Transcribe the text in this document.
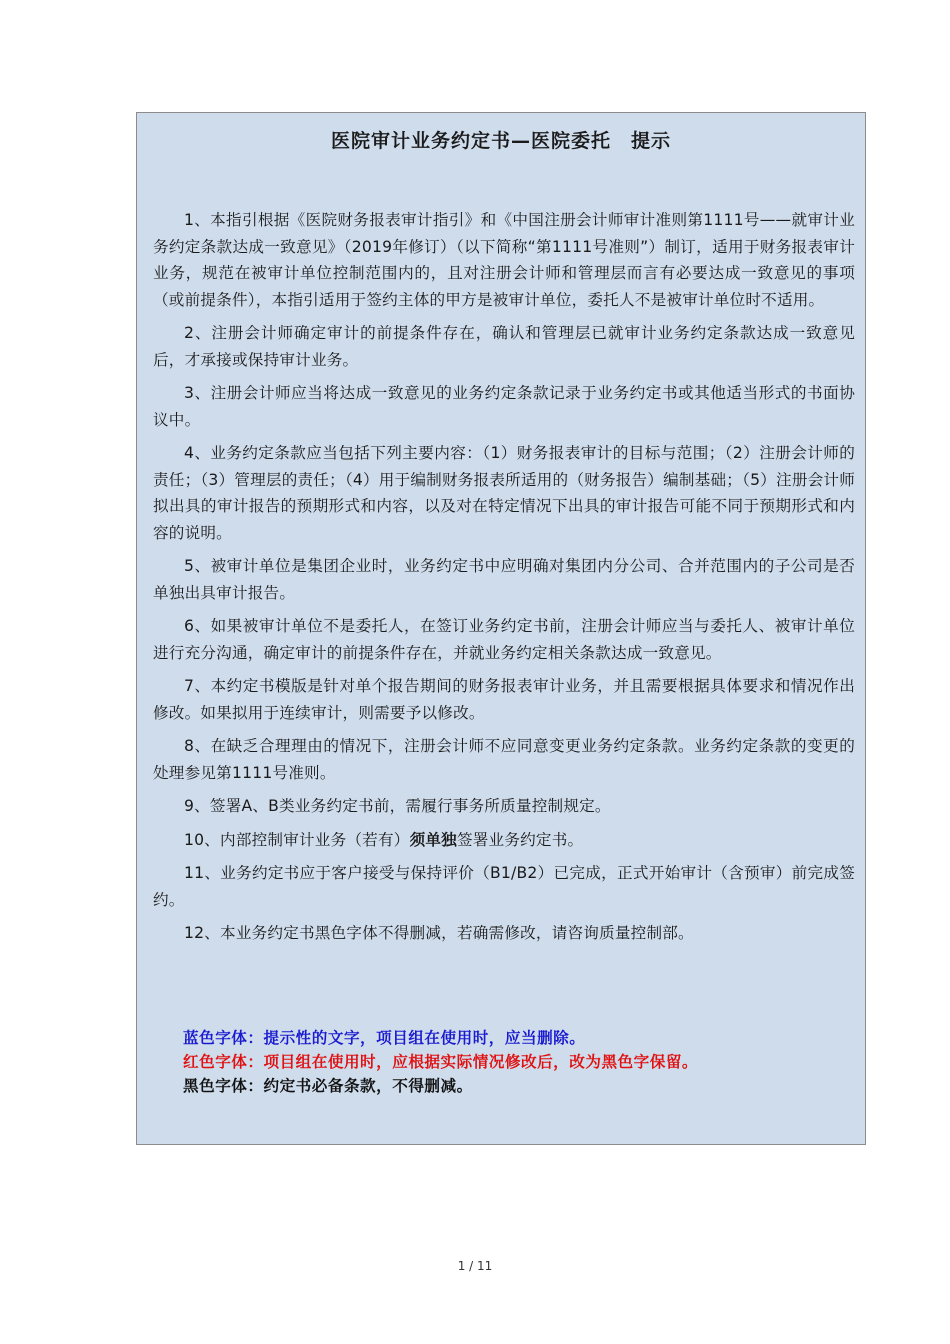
医院审计业务约定书—医院委托　提示

1、本指引根据《医院财务报表审计指引》和《中国注册会计师审计准则第1111号——就审计业务约定条款达成一致意见》（2019年修订）（以下简称“第1111号准则”）制订，适用于财务报表审计业务，规范在被审计单位控制范围内的，且对注册会计师和管理层而言有必要达成一致意见的事项（或前提条件），本指引适用于签约主体的甲方是被审计单位，委托人不是被审计单位时不适用。

2、注册会计师确定审计的前提条件存在，确认和管理层已就审计业务约定条款达成一致意见后，才承接或保持审计业务。

3、注册会计师应当将达成一致意见的业务约定条款记录于业务约定书或其他适当形式的书面协议中。

4、业务约定条款应当包括下列主要内容：（1）财务报表审计的目标与范围；（2）注册会计师的责任；（3）管理层的责任；（4）用于编制财务报表所适用的（财务报告）编制基础；（5）注册会计师拟出具的审计报告的预期形式和内容，以及对在特定情况下出具的审计报告可能不同于预期形式和内容的说明。

5、被审计单位是集团企业时，业务约定书中应明确对集团内分公司、合并范围内的子公司是否单独出具审计报告。

6、如果被审计单位不是委托人，在签订业务约定书前，注册会计师应当与委托人、被审计单位进行充分沟通，确定审计的前提条件存在，并就业务约定相关条款达成一致意见。

7、本约定书模版是针对单个报告期间的财务报表审计业务，并且需要根据具体要求和情况作出修改。如果拟用于连续审计，则需要予以修改。

8、在缺乏合理理由的情况下，注册会计师不应同意变更业务约定条款。业务约定条款的变更的处理参见第1111号准则。

9、签署A、B类业务约定书前，需履行事务所质量控制规定。

10、内部控制审计业务（若有）须单独签署业务约定书。

11、业务约定书应于客户接受与保持评价（B1/B2）已完成，正式开始审计（含预审）前完成签约。

12、本业务约定书黑色字体不得删减，若确需修改，请咨询质量控制部。

蓝色字体：提示性的文字，项目组在使用时，应当删除。

红色字体：项目组在使用时，应根据实际情况修改后，改为黑色字保留。

黑色字体：约定书必备条款，不得删减。

1 / 11
